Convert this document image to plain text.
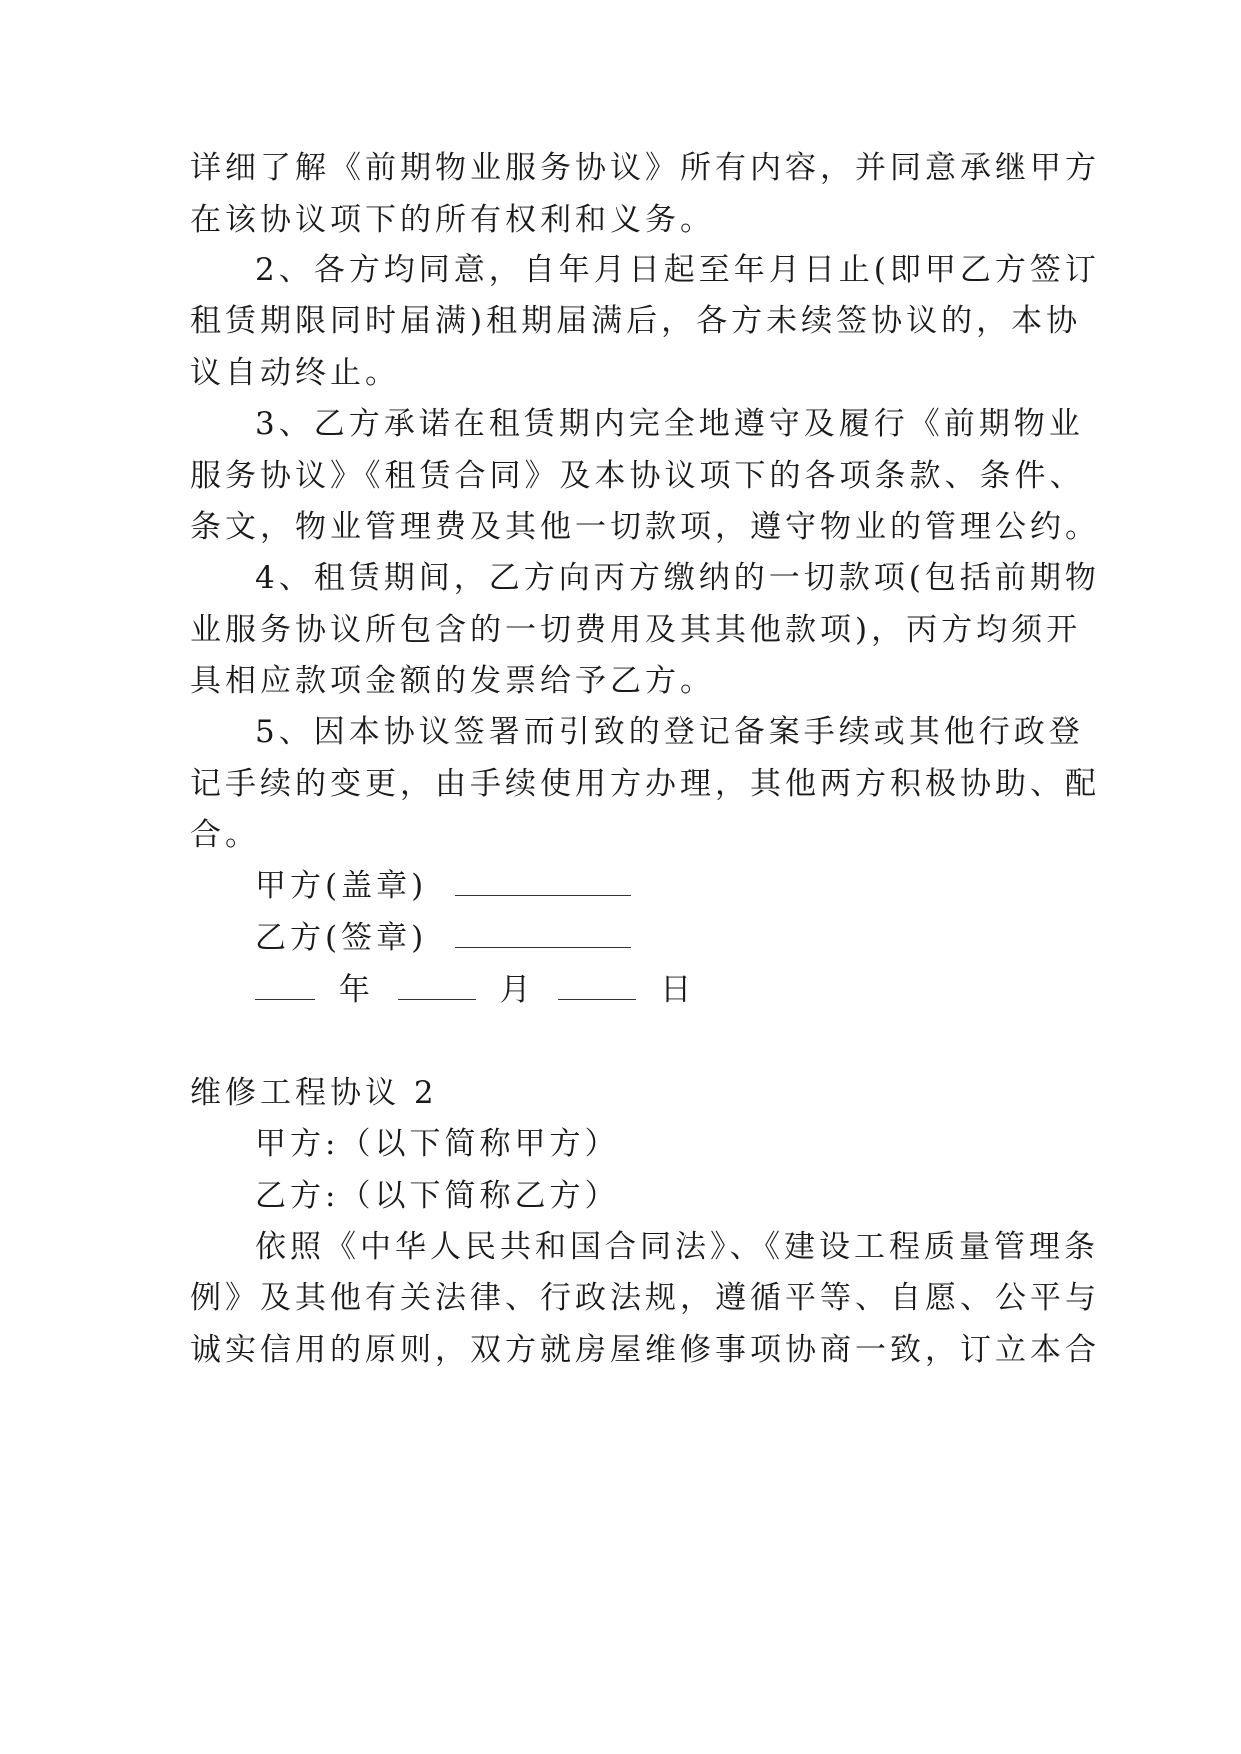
详细了解《前期物业服务协议》所有内容，并同意承继甲方
在该协议项下的所有权利和义务。
2、各方均同意，自年月日起至年月日止(即甲乙方签订
租赁期限同时届满)租期届满后，各方未续签协议的，本协
议自动终止。
3、乙方承诺在租赁期内完全地遵守及履行《前期物业
服务协议》《租赁合同》及本协议项下的各项条款、条件、
条文，物业管理费及其他一切款项，遵守物业的管理公约。
4、租赁期间，乙方向丙方缴纳的一切款项(包括前期物
业服务协议所包含的一切费用及其其他款项)，丙方均须开
具相应款项金额的发票给予乙方。
5、因本协议签署而引致的登记备案手续或其他行政登
记手续的变更，由手续使用方办理，其他两方积极协助、配
合。
甲方(盖章)
乙方(签章)
年	月	日
维修工程协议 2
甲方:（以下简称甲方）
乙方:（以下简称乙方）
依照《中华人民共和国合同法》、《建设工程质量管理条
例》及其他有关法律、行政法规，遵循平等、自愿、公平与
诚实信用的原则，双方就房屋维修事项协商一致，订立本合
